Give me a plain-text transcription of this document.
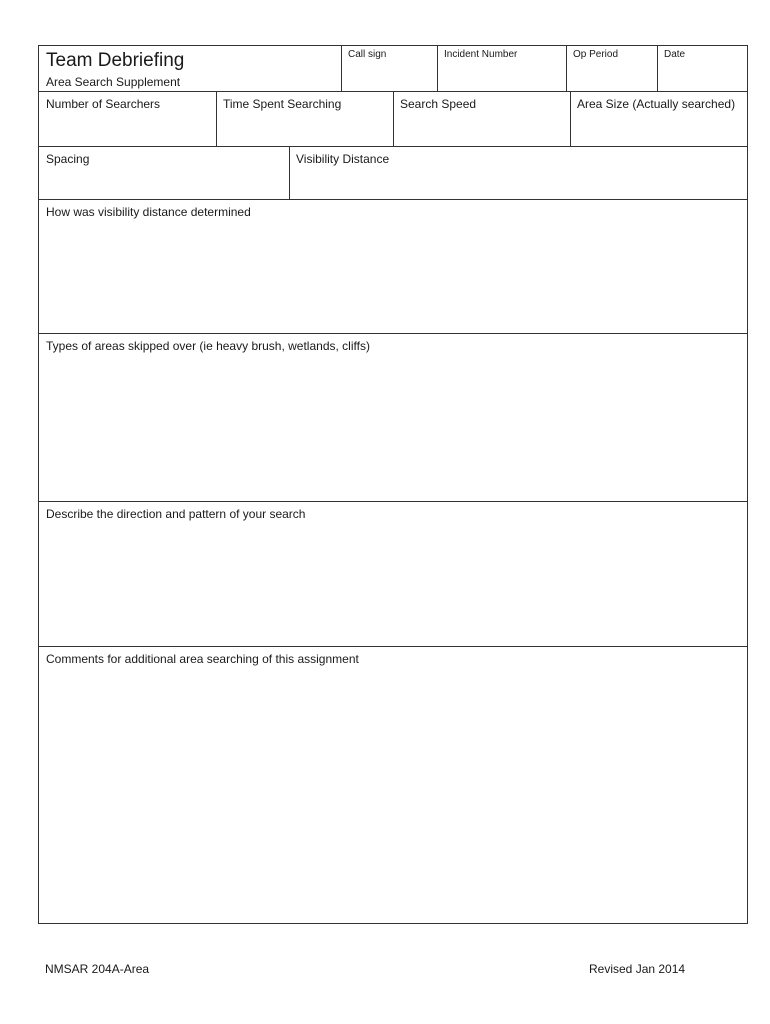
Team Debriefing
Area Search Supplement
Call sign	Incident Number	Op Period	Date
Number of Searchers	Time Spent Searching	Search Speed	Area Size (Actually searched)
Spacing	Visibility Distance
How was visibility distance determined
Types of areas skipped over (ie heavy brush, wetlands, cliffs)
Describe the direction and pattern of your search
Comments for additional area searching of this assignment
NMSAR 204A-Area	Revised Jan 2014
